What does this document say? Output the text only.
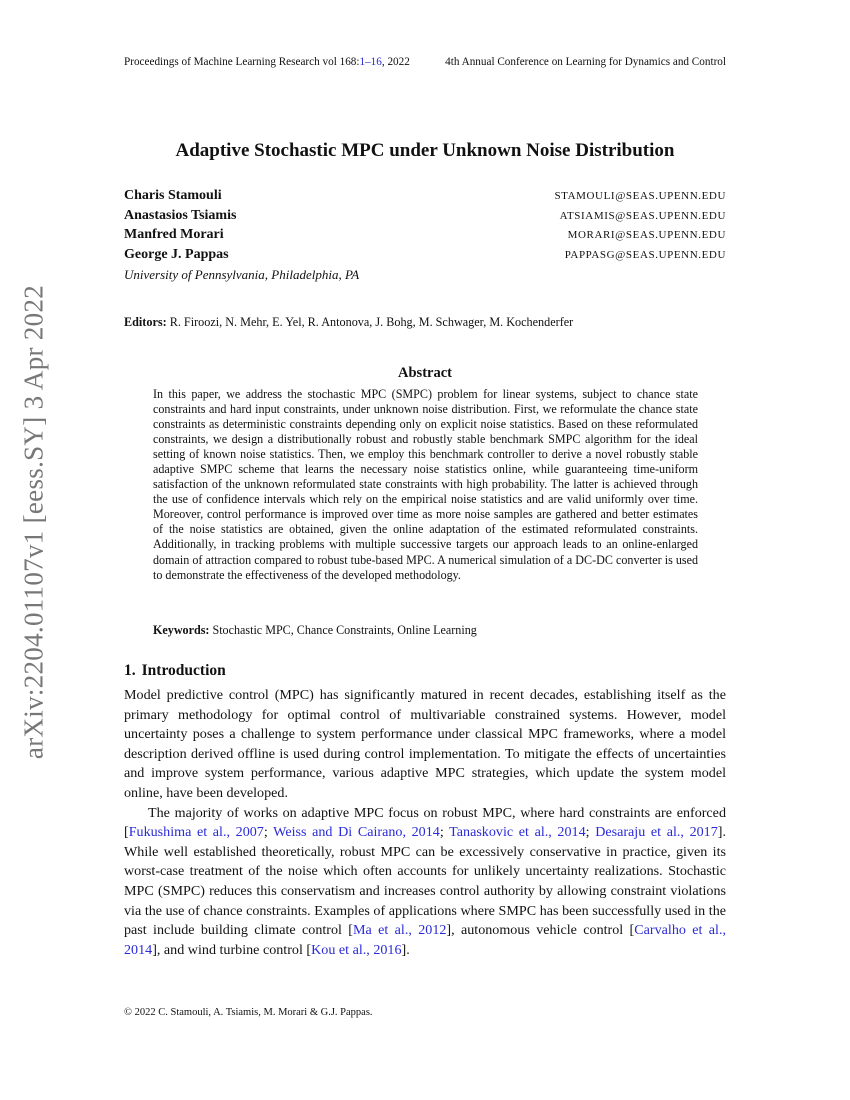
Proceedings of Machine Learning Research vol 168:1–16, 2022	4th Annual Conference on Learning for Dynamics and Control
arXiv:2204.01107v1 [eess.SY] 3 Apr 2022
Adaptive Stochastic MPC under Unknown Noise Distribution
Charis Stamouli	STAMOULI@SEAS.UPENN.EDU
Anastasios Tsiamis	ATSIAMIS@SEAS.UPENN.EDU
Manfred Morari	MORARI@SEAS.UPENN.EDU
George J. Pappas	PAPPASG@SEAS.UPENN.EDU
University of Pennsylvania, Philadelphia, PA
Editors: R. Firoozi, N. Mehr, E. Yel, R. Antonova, J. Bohg, M. Schwager, M. Kochenderfer
Abstract
In this paper, we address the stochastic MPC (SMPC) problem for linear systems, subject to chance state constraints and hard input constraints, under unknown noise distribution. First, we reformulate the chance state constraints as deterministic constraints depending only on explicit noise statistics. Based on these reformulated constraints, we design a distributionally robust and robustly stable benchmark SMPC algorithm for the ideal setting of known noise statistics. Then, we employ this benchmark controller to derive a novel robustly stable adaptive SMPC scheme that learns the necessary noise statistics online, while guaranteeing time-uniform satisfaction of the unknown reformulated state constraints with high probability. The latter is achieved through the use of confidence intervals which rely on the empirical noise statistics and are valid uniformly over time. Moreover, control performance is improved over time as more noise samples are gathered and better estimates of the noise statistics are obtained, given the online adaptation of the estimated reformulated constraints. Additionally, in tracking problems with multiple successive targets our approach leads to an online-enlarged domain of attraction compared to robust tube-based MPC. A numerical simulation of a DC-DC converter is used to demonstrate the effectiveness of the developed methodology.
Keywords: Stochastic MPC, Chance Constraints, Online Learning
1. Introduction

Model predictive control (MPC) has significantly matured in recent decades, establishing itself as the primary methodology for optimal control of multivariable constrained systems. However, model uncertainty poses a challenge to system performance under classical MPC frameworks, where a model description derived offline is used during control implementation. To mitigate the effects of uncertainties and improve system performance, various adaptive MPC strategies, which update the system model online, have been developed.

The majority of works on adaptive MPC focus on robust MPC, where hard constraints are enforced [Fukushima et al., 2007; Weiss and Di Cairano, 2014; Tanaskovic et al., 2014; Desaraju et al., 2017]. While well established theoretically, robust MPC can be excessively conservative in practice, given its worst-case treatment of the noise which often accounts for unlikely uncertainty realizations. Stochastic MPC (SMPC) reduces this conservatism and increases control authority by allowing constraint violations via the use of chance constraints. Examples of applications where SMPC has been successfully used in the past include building climate control [Ma et al., 2012], autonomous vehicle control [Carvalho et al., 2014], and wind turbine control [Kou et al., 2016].

© 2022 C. Stamouli, A. Tsiamis, M. Morari & G.J. Pappas.
